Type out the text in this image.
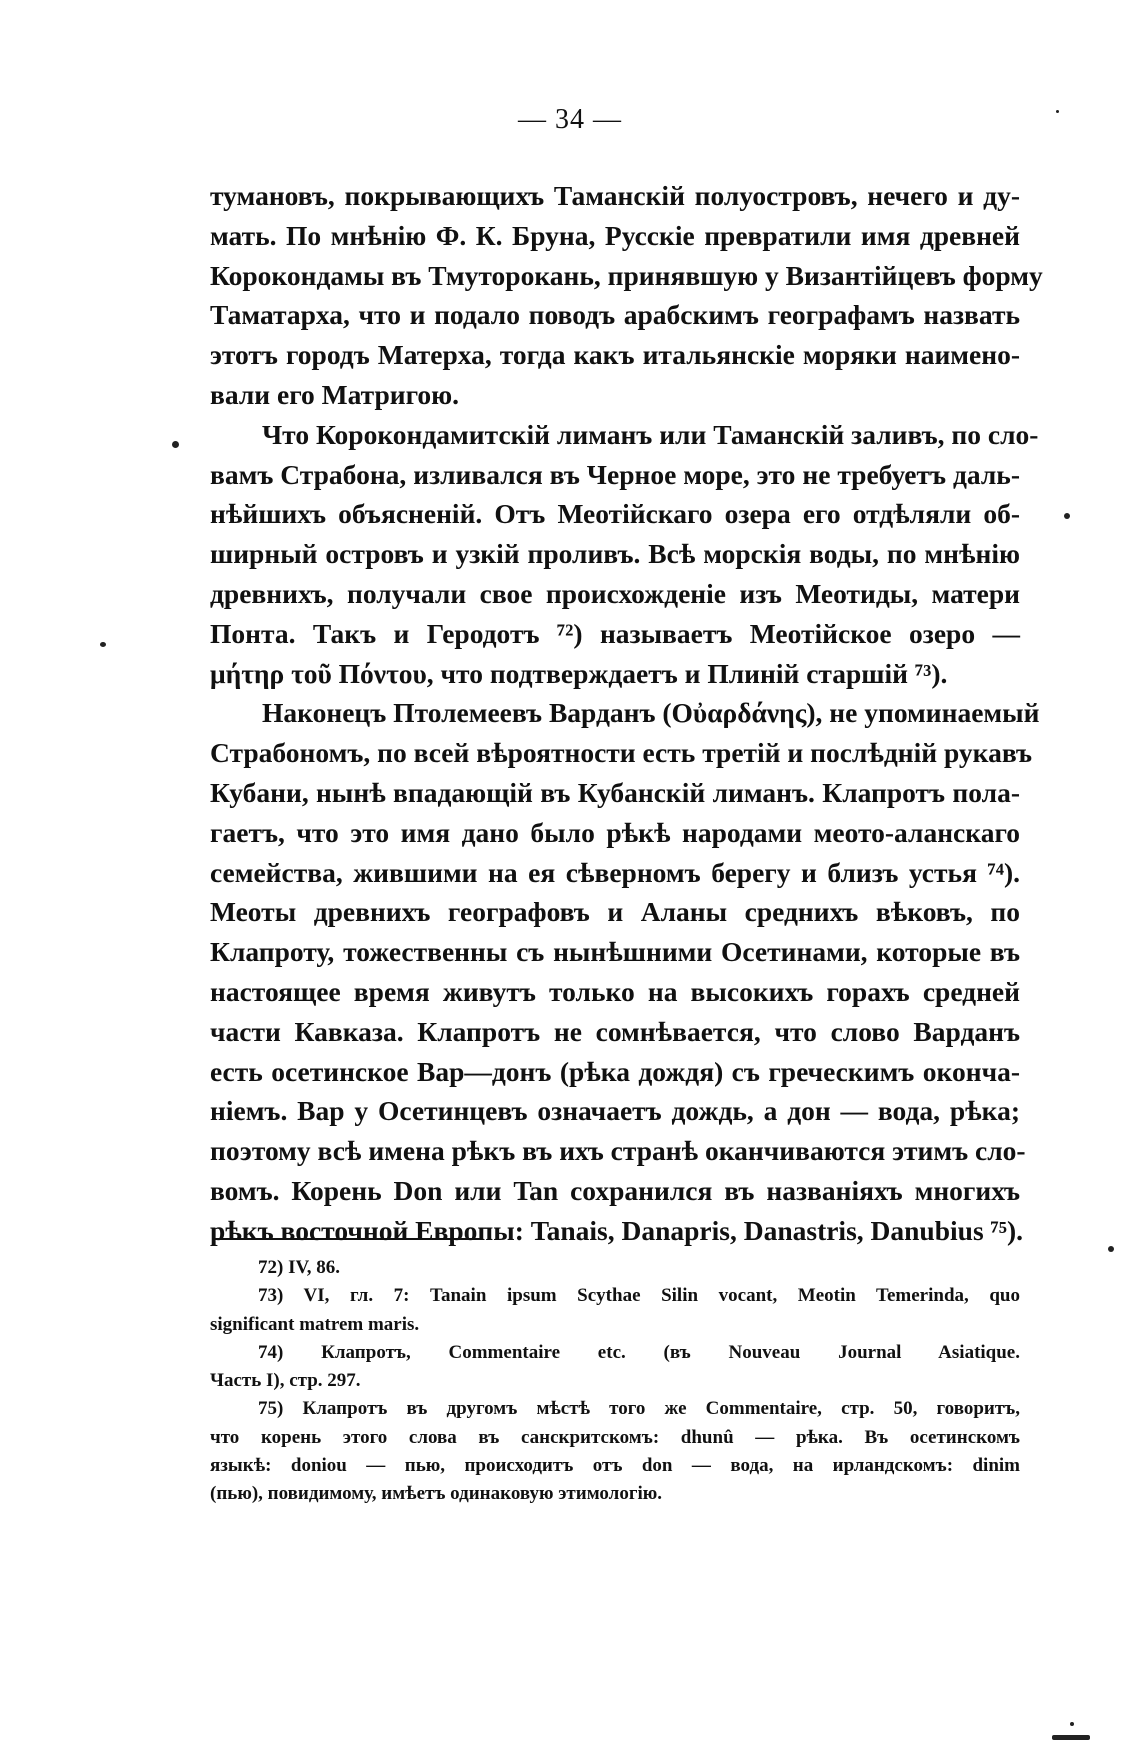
— 34 —
тумановъ, покрывающихъ Таманскій полуостровъ, нечего и ду-
мать. По мнѣнію Ф. К. Бруна, Русскіе превратили имя древней
Корокондамы въ Тмуторокань, принявшую у Византійцевъ форму
Таматарха, что и подало поводъ арабскимъ географамъ назвать
этотъ городъ Матерха, тогда какъ итальянскіе моряки наимено-
вали его Матригою.
Что Корокондамитскій лиманъ или Таманскій заливъ, по сло-
вамъ Страбона, изливался въ Черное море, это не требуетъ даль-
нѣйшихъ объясненій. Отъ Меотійскаго озера его отдѣляли об-
ширный островъ и узкій проливъ. Всѣ морскія воды, по мнѣнію
древнихъ, получали свое происхожденіе изъ Меотиды, матери
Понта. Такъ и Геродотъ ⁷²) называетъ Меотійское озеро —
μήτηρ τοῦ Πόντου, что подтверждаетъ и Плиній старшій ⁷³).
Наконецъ Птолемеевъ Варданъ (Οὐαρδάνης), не упоминаемый
Страбономъ, по всей вѣроятности есть третій и послѣдній рукавъ
Кубани, нынѣ впадающій въ Кубанскій лиманъ. Клапротъ пола-
гаетъ, что это имя дано было рѣкѣ народами меото-аланскаго
семейства, жившими на ея сѣверномъ берегу и близъ устья ⁷⁴).
Меоты древнихъ географовъ и Аланы среднихъ вѣковъ, по
Клапроту, тожественны съ нынѣшними Осетинами, которые въ
настоящее время живутъ только на высокихъ горахъ средней
части Кавказа. Клапротъ не сомнѣвается, что слово Варданъ
есть осетинское Вар—донъ (рѣка дождя) съ греческимъ оконча-
ніемъ. Вар у Осетинцевъ означаетъ дождь, а дон — вода, рѣка;
поэтому всѣ имена рѣкъ въ ихъ странѣ оканчиваются этимъ сло-
вомъ. Корень Don или Tan сохранился въ названіяхъ многихъ
рѣкъ восточной Европы: Tanais, Danapris, Danastris, Danubius ⁷⁵).
72) IV, 86.
73) VI, гл. 7: Tanain ipsum Scythae Silin vocant, Meotin Temerinda, quo
significant matrem maris.
74) Клапротъ, Commentaire etc. (въ Nouveau Journal Asiatique.
Часть I), стр. 297.
75) Клапротъ въ другомъ мѣстѣ того же Commentaire, стр. 50, говоритъ,
что корень этого слова въ санскритскомъ: dhunû — рѣка. Въ осетинскомъ
языкѣ: doniou — пью, происходитъ отъ don — вода, на ирландскомъ: dinim
(пью), повидимому, имѣетъ одинаковую этимологію.
